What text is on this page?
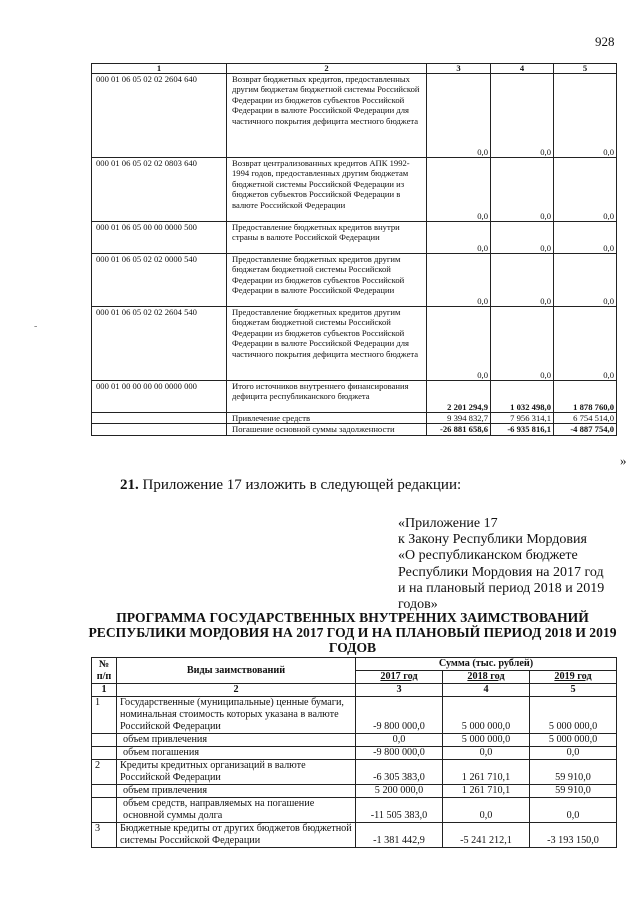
928
1	2	3	4	5
000 01 06 05 02 02 2604 640	Возврат бюджетных кредитов, предоставленных другим бюджетам бюджетной системы Российской Федерации из бюджетов субъектов Российской Федерации в валюте Российской Федерации для частичного покрытия дефицита местного бюджета	0,0	0,0	0,0
000 01 06 05 02 02 0803 640	Возврат централизованных кредитов АПК 1992-1994 годов, предоставленных другим бюджетам бюджетной системы Российской Федерации из бюджетов субъектов Российской Федерации в валюте Российской Федерации	0,0	0,0	0,0
000 01 06 05 00 00 0000 500	Предоставление бюджетных кредитов внутри страны в валюте Российской Федерации	0,0	0,0	0,0
000 01 06 05 02 02 0000 540	Предоставление бюджетных кредитов другим бюджетам бюджетной системы Российской Федерации из бюджетов субъектов Российской Федерации в валюте Российской Федерации	0,0	0,0	0,0
000 01 06 05 02 02 2604 540	Предоставление бюджетных кредитов другим бюджетам бюджетной системы Российской Федерации из бюджетов субъектов Российской Федерации в валюте Российской Федерации для частичного покрытия дефицита местного бюджета	0,0	0,0	0,0
000 01 00 00 00 00 0000 000	Итого источников внутреннего финансирования дефицита республиканского бюджета	2 201 294,9	1 032 498,0	1 878 760,0
	Привлечение средств	9 394 832,7	7 956 314,1	6 754 514,0
	Погашение основной суммы задолженности	-26 881 658,6	-6 935 816,1	-4 887 754,0
»
-
21. Приложение 17 изложить в следующей редакции:
«Приложение 17
к Закону Республики Мордовия
«О республиканском бюджете
Республики Мордовия на 2017 год
и на плановый период 2018 и 2019
годов»
ПРОГРАММА ГОСУДАРСТВЕННЫХ ВНУТРЕННИХ ЗАИМСТВОВАНИЙ РЕСПУБЛИКИ МОРДОВИЯ НА 2017 ГОД И НА ПЛАНОВЫЙ ПЕРИОД 2018 И 2019 ГОДОВ
№ п/п	Виды заимствований	Сумма (тыс. рублей)		
		2017 год	2018 год	2019 год
1	2	3	4	5
1	Государственные (муниципальные) ценные бумаги, номинальная стоимость которых указана в валюте Российской Федерации	-9 800 000,0	5 000 000,0	5 000 000,0
	объем привлечения	0,0	5 000 000,0	5 000 000,0
	объем погашения	-9 800 000,0	0,0	0,0
2	Кредиты кредитных организаций в валюте Российской Федерации	-6 305 383,0	1 261 710,1	59 910,0
	объем привлечения	5 200 000,0	1 261 710,1	59 910,0
	объем средств, направляемых на погашение основной суммы долга	-11 505 383,0	0,0	0,0
3	Бюджетные кредиты от других бюджетов бюджетной системы Российской Федерации	-1 381 442,9	-5 241 212,1	-3 193 150,0
